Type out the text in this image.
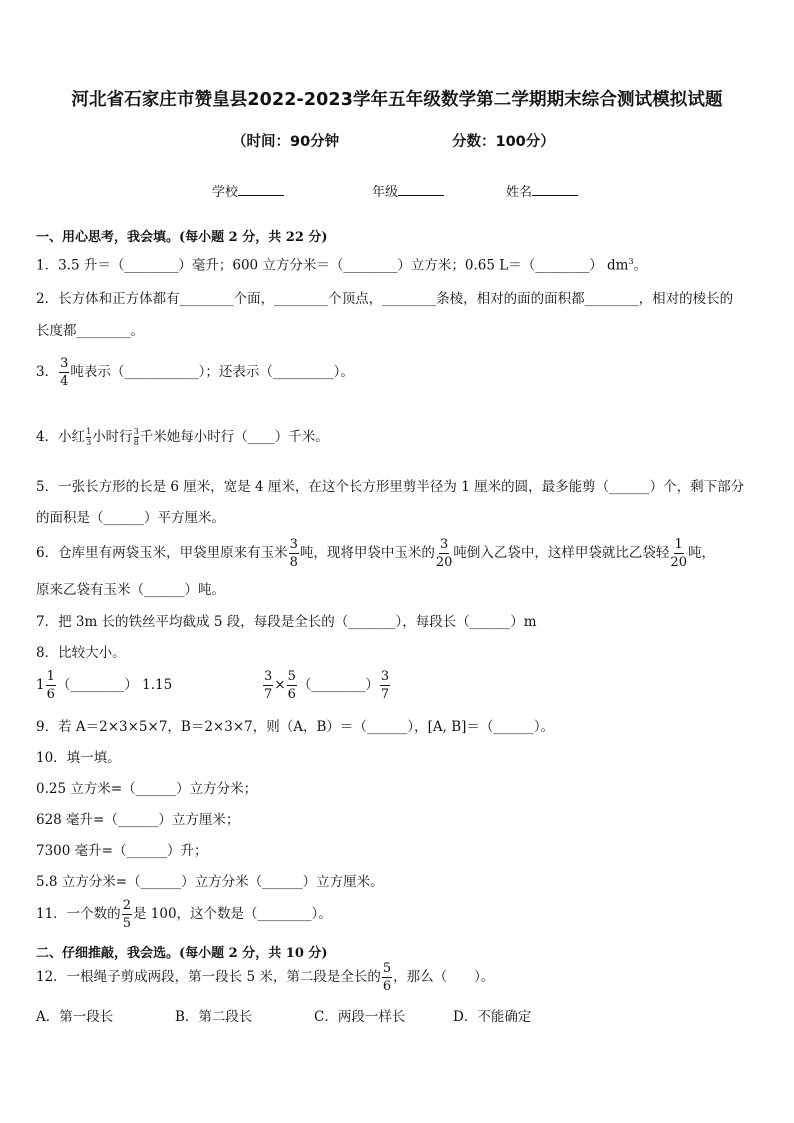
河北省石家庄市赞皇县2022-2023学年五年级数学第二学期期末综合测试模拟试题
（时间：90分钟	分数：100分）
学校	年级	姓名
一、用心思考，我会填。(每小题 2 分，共 22 分)
1．3.5 升＝（________）毫升；600 立方分米＝（________）立方米；0.65 L＝（________） $dm^3$。
2．长方体和正方体都有________个面，________个顶点，________条棱，相对的面的面积都________，相对的棱长的
长度都________。
3． $\frac{3}{4}$ 吨表示（___________）；还表示（_________）。
4．小红 $\frac{1}{3}$ 小时行 $\frac{3}{8}$ 千米她每小时行（____）千米。
5．一张长方形的长是 6 厘米，宽是 4 厘米，在这个长方形里剪半径为 1 厘米的圆，最多能剪（______）个，剩下部分
的面积是（______）平方厘米。
6．仓库里有两袋玉米，甲袋里原来有玉米 $\frac{3}{8}$ 吨，现将甲袋中玉米的 $\frac{3}{20}$ 吨倒入乙袋中，这样甲袋就比乙袋轻 $\frac{1}{20}$ 吨，
原来乙袋有玉米（______）吨。
7．把 3m 长的铁丝平均截成 5 段，每段是全长的（_______），每段长（______）m
8．比较大小。
$1 \frac{1}{6}$ （________） 1.15	$\frac{3}{7} \times \frac{5}{6}$ （________） $\frac{3}{7}$
9．若 A＝2×3×5×7，B＝2×3×7，则（A，B）＝（______），[A, B]＝（______）。
10．填一填。
0.25 立方米=（______）立方分米；
628 毫升=（______）立方厘米；
7300 毫升=（______）升；
5.8 立方分米=（______）立方分米（______）立方厘米。
11．一个数的 $\frac{2}{5}$ 是 100，这个数是（________）。
二、仔细推敲，我会选。(每小题 2 分，共 10 分)
12．一根绳子剪成两段，第一段长 5 米，第二段是全长的 $\frac{5}{6}$ ，那么（　　）。
A．第一段长	B．第二段长	C．两段一样长	D．不能确定
